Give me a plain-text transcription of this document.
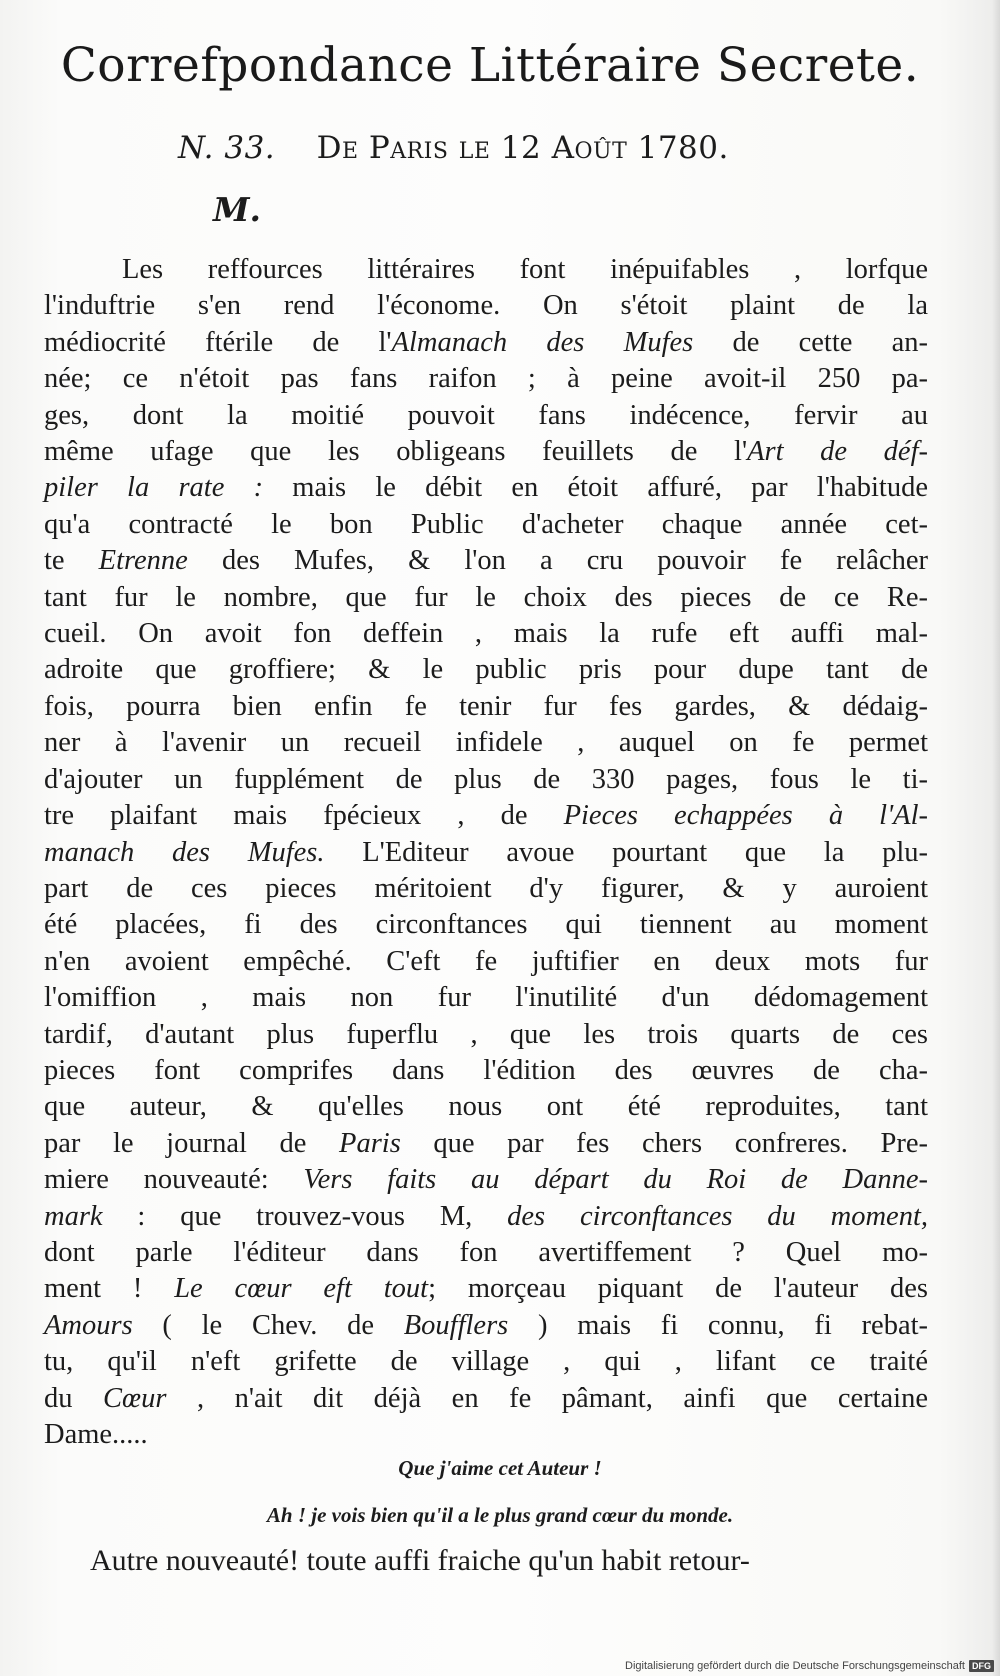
Correfpondance Littéraire Secrete.
N. 33. De Paris le 12 Août 1780.
M.
Les reffources littéraires font inépuifables , lorfque
l'induftrie s'en rend l'économe. On s'étoit plaint de la
médiocrité ftérile de l'Almanach des Mufes de cette an-
née; ce n'étoit pas fans raifon ; à peine avoit-il 250 pa-
ges, dont la moitié pouvoit fans indécence, fervir au
même ufage que les obligeans feuillets de l'Art de déf-
piler la rate : mais le débit en étoit affuré, par l'habitude
qu'a contracté le bon Public d'acheter chaque année cet-
te Etrenne des Mufes, & l'on a cru pouvoir fe relâcher
tant fur le nombre, que fur le choix des pieces de ce Re-
cueil. On avoit fon deffein , mais la rufe eft auffi mal-
adroite que groffiere; & le public pris pour dupe tant de
fois, pourra bien enfin fe tenir fur fes gardes, & dédaig-
ner à l'avenir un recueil infidele , auquel on fe permet
d'ajouter un fupplément de plus de 330 pages, fous le ti-
tre plaifant mais fpécieux , de Pieces echappées à l'Al-
manach des Mufes. L'Editeur avoue pourtant que la plu-
part de ces pieces méritoient d'y figurer, & y auroient
été placées, fi des circonftances qui tiennent au moment
n'en avoient empêché. C'eft fe juftifier en deux mots fur
l'omiffion , mais non fur l'inutilité d'un dédomagement
tardif, d'autant plus fuperflu , que les trois quarts de ces
pieces font comprifes dans l'édition des œuvres de cha-
que auteur, & qu'elles nous ont été reproduites, tant
par le journal de Paris que par fes chers confreres. Pre-
miere nouveauté: Vers faits au départ du Roi de Danne-
mark : que trouvez-vous M, des circonftances du moment,
dont parle l'éditeur dans fon avertiffement ? Quel mo-
ment ! Le cœur eft tout; morçeau piquant de l'auteur des
Amours ( le Chev. de Boufflers ) mais fi connu, fi rebat-
tu, qu'il n'eft grifette de village , qui , lifant ce traité
du Cœur , n'ait dit déjà en fe pâmant, ainfi que certaine
Dame.....
Que j'aime cet Auteur !
Ah ! je vois bien qu'il a le plus grand cœur du monde.
Autre nouveauté! toute auffi fraiche qu'un habit retour-
Digitalisierung gefördert durch die Deutsche Forschungsgemeinschaft DFG
